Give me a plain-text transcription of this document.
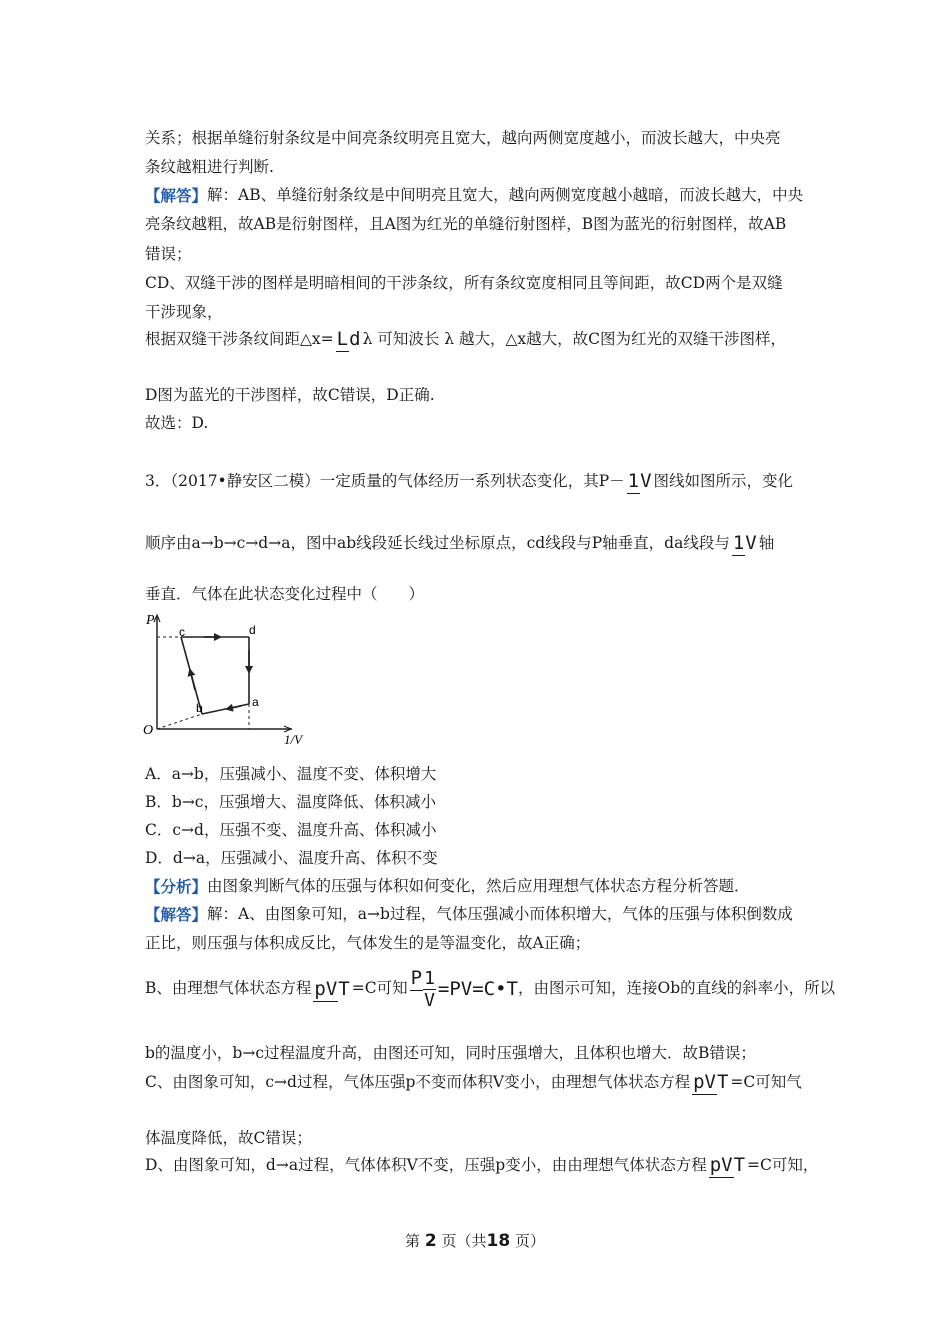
关系；根据单缝衍射条纹是中间亮条纹明亮且宽大，越向两侧宽度越小，而波长越大，中央亮
条纹越粗进行判断.
【解答】解：AB、单缝衍射条纹是中间明亮且宽大，越向两侧宽度越小越暗，而波长越大，中央
亮条纹越粗，故AB是衍射图样，且A图为红光的单缝衍射图样，B图为蓝光的衍射图样，故AB
错误；
CD、双缝干涉的图样是明暗相间的干涉条纹，所有条纹宽度相同且等间距，故CD两个是双缝
干涉现象，
根据双缝干涉条纹间距△x= Ld λ 可知波长 λ 越大，△x越大，故C图为红光的双缝干涉图样，
D图为蓝光的干涉图样，故C错误，D正确.
故选：D.
3．（2017•静安区二模）一定质量的气体经历一系列状态变化，其P－ 1V 图线如图所示，变化
顺序由a→b→c→d→a，图中ab线段延长线过坐标原点，cd线段与P轴垂直，da线段与 1V 轴
垂直．气体在此状态变化过程中（　　）
P
1/V
O
c	d
a
b
A．a→b，压强减小、温度不变、体积增大
B．b→c，压强增大、温度降低、体积减小
C．c→d，压强不变、温度升高、体积减小
D．d→a，压强减小、温度升高、体积不变
【分析】由图象判断气体的压强与体积如何变化，然后应用理想气体状态方程分析答题．
【解答】解：A、由图象可知，a→b过程，气体压强减小而体积增大，气体的压强与体积倒数成
正比，则压强与体积成反比，气体发生的是等温变化，故A正确；
B、由理想气体状态方程 pVT =C可知 P $\frac{1}{V}$ =PV=C•T，由图示可知，连接Ob的直线的斜率小，所以
b的温度小，b→c过程温度升高，由图还可知，同时压强增大，且体积也增大．故B错误；
C、由图象可知，c→d过程，气体压强p不变而体积V变小，由理想气体状态方程 pVT =C可知气
体温度降低，故C错误；
D、由图象可知，d→a过程，气体体积V不变，压强p变小，由由理想气体状态方程 pVT =C可知，
第 2 页（共18 页）
